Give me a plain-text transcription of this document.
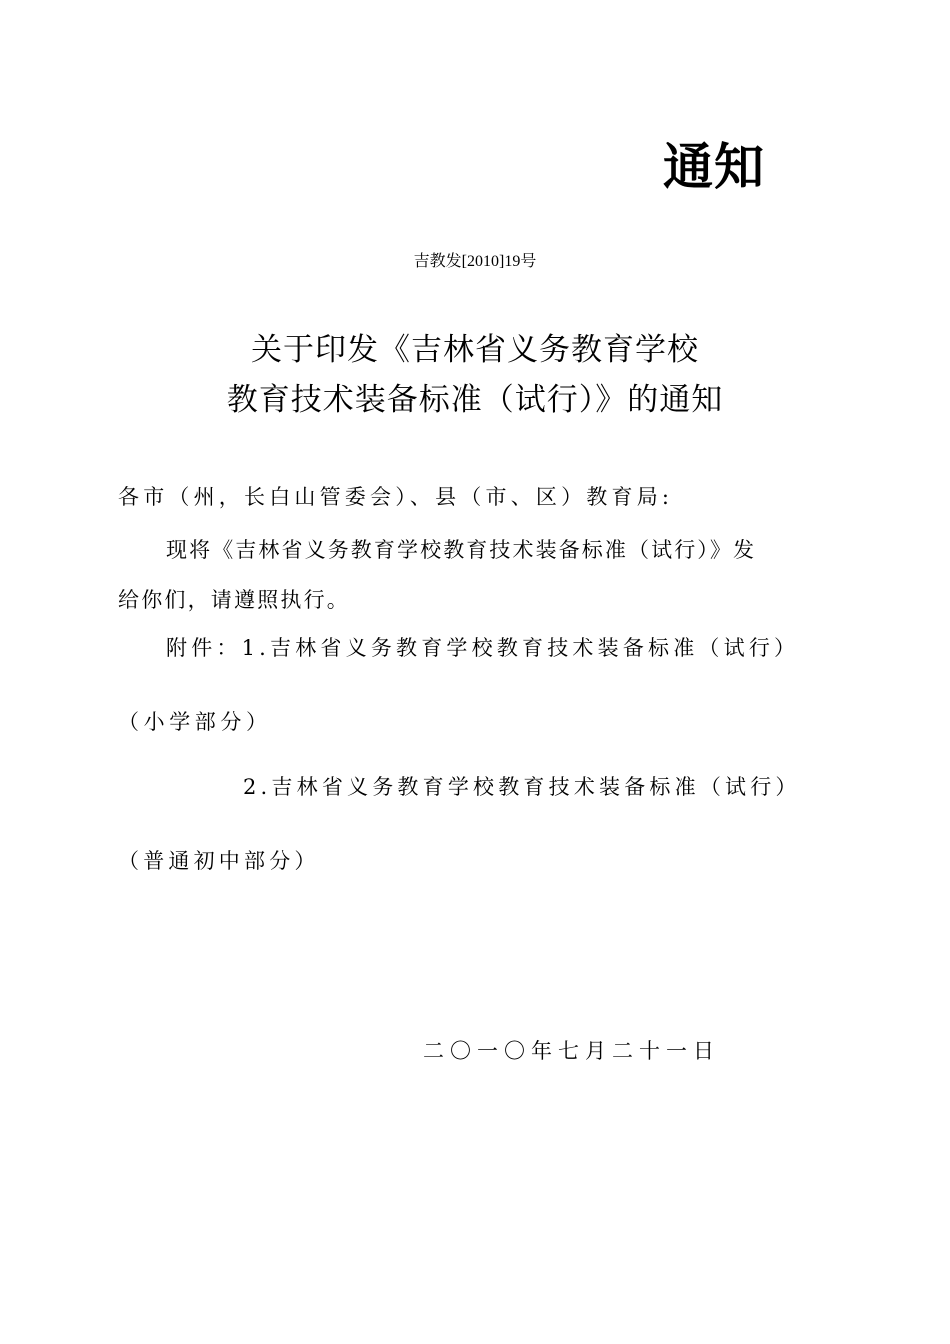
通知
吉教发[2010]19号
关于印发《吉林省义务教育学校
教育技术装备标准（试行）》的通知
各市（州，长白山管委会）、县（市、区）教育局:
现将《吉林省义务教育学校教育技术装备标准（试行）》发
给你们，请遵照执行。
附件：1.吉林省义务教育学校教育技术装备标准（试行）
（小学部分）
2.吉林省义务教育学校教育技术装备标准（试行）
（普通初中部分）
二〇一〇年七月二十一日
